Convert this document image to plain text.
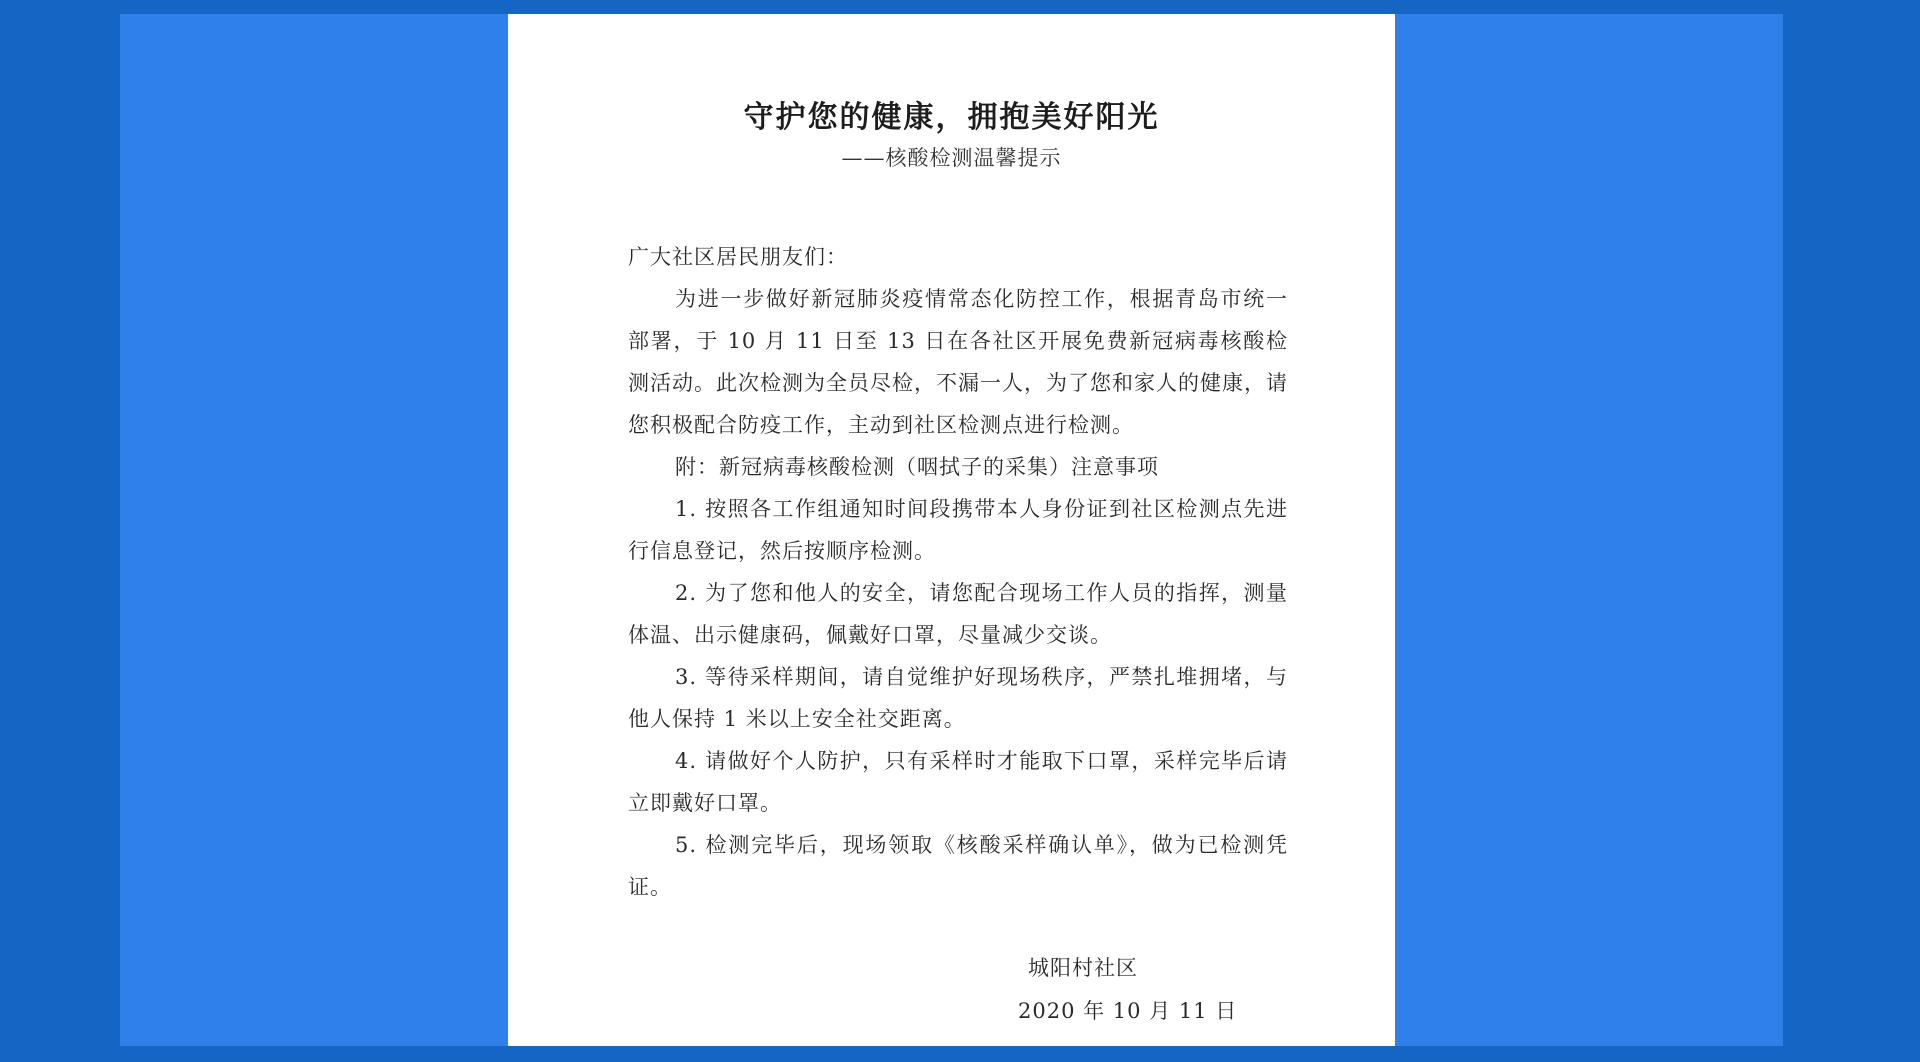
守护您的健康，拥抱美好阳光
——核酸检测温馨提示

广大社区居民朋友们：

为进一步做好新冠肺炎疫情常态化防控工作，根据青岛市统一部署，于 10 月 11 日至 13 日在各社区开展免费新冠病毒核酸检测活动。此次检测为全员尽检，不漏一人，为了您和家人的健康，请您积极配合防疫工作，主动到社区检测点进行检测。

附：新冠病毒核酸检测（咽拭子的采集）注意事项

1. 按照各工作组通知时间段携带本人身份证到社区检测点先进行信息登记，然后按顺序检测。

2. 为了您和他人的安全，请您配合现场工作人员的指挥，测量体温、出示健康码，佩戴好口罩，尽量减少交谈。

3. 等待采样期间，请自觉维护好现场秩序，严禁扎堆拥堵，与他人保持 1 米以上安全社交距离。

4. 请做好个人防护，只有采样时才能取下口罩，采样完毕后请立即戴好口罩。

5. 检测完毕后，现场领取《核酸采样确认单》，做为已检测凭证。

城阳村社区
2020 年 10 月 11 日
